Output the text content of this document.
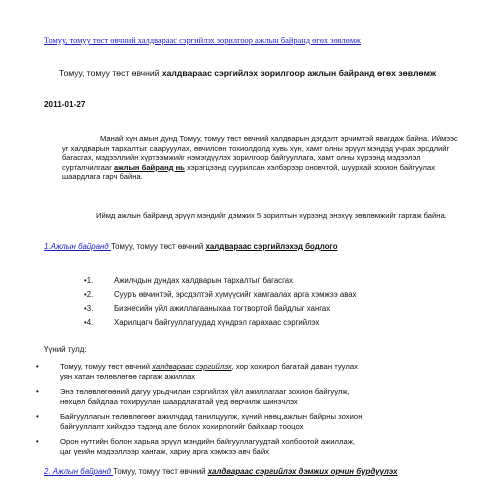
Томуу, томуу төст өвчний халдвараас сэргийлэх зорилгоор ажлын байранд өгөх зөвлөмж
Томуу, томуу төст өвчний халдвараас сэргийлэх зорилгоор ажлын байранд өгөх зөвлөмж
2011-01-27
Манай хүн амын дунд Томуу, томуу төст өвчний халдварын дэгдэлт эрчимтэй явагдаж байна. Иймээс уг халдварын тархалтыг саарууулах, өвчилсөн тохиолдолд хувь хүн, хамт олны эрүүл мэндэд учрах эрсдлийг багасгах, мэдээллийн хүртээмжийг нэмэгдүүлэх зорилгоор байгууллага, хамт олны хүрээнд мэдээлэл сурталчилгааг ажлын байранд нь хэрэгцээнд суурилсан хэлбэрээр оновчтой, шуурхай зохион байгуулах шаардлага гарч байна.
Иймд ажлын байранд эрүүл мэндийг дэмжих 5 зорилтын хүрээнд энэхүү зөвлөмжийг гаргаж байна.
1.Ажлын байранд Томуу, томуу төст өвчний халдвараас сэргийлэхэд бодлого
•1.	Ажилчдын дундах халдварын тархалтыг багасгах
•2.	Сууръ өвчинтэй, эрсдэлтэй хүмүүсийг хамгаалах арга хэмжээ авах
•3.	Бизнесийн үйл ажиллагааныхаа тогтвортой байдлыг хангах
•4.	Харилцагч байгууллагуудад хүндрэл гарахаас сэргийлэх
Үүний тулд:
•	Томуу, томуу төст өвчний халдвараас сэргийлэх, хор хохирол багатай даван туулах
уян хатан төлөвлөгөө гаргаж ажиллах
•	Энэ төлөвлөгөөний дагуу урьдчилан сэргийлэх үйл ажиллагааг зохион байгуулж,
нөхцөл байдлаа тохируулан шаардлагатай үед өөрчилж шинэчлэх
•	Байгууллагын төлөвлөгөөг ажилчдад танилцуулж, хүний нөөц,ажлын байрны зохион
байгууллалт хийхдээ тэдэнд але болох хохирлогийг байхаар тооцох
•	Орон нутгийн болон харьяа эрүүл мэндийн байгууллагуудтай холбоотой ажиллаж,
цаг үеийн мэдээллээр хангаж, хариу арга хэмжээ авч байх
2. Ажлын байранд Томуу, томуу төст өвчний халдвараас сэргийлэх дэмжих орчин бүрдүүлэх
